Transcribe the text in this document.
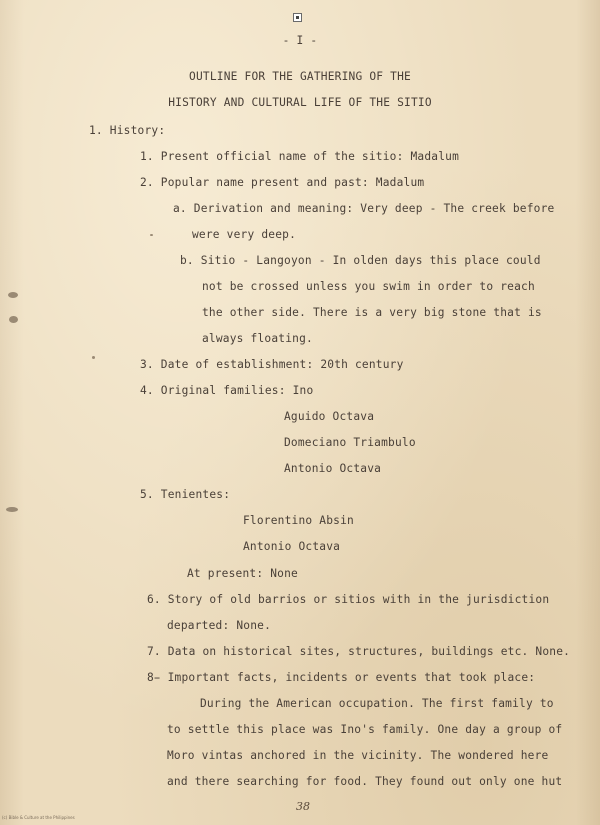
- I -
OUTLINE FOR THE GATHERING OF THE
HISTORY AND CULTURAL LIFE OF THE SITIO
1. History:
1. Present official name of the sitio: Madalum
2. Popular name present and past: Madalum
a. Derivation and meaning: Very deep - The creek before
were very deep.
b. Sitio - Langoyon - In olden days this place could
not be crossed unless you swim in order to reach
the other side. There is a very big stone that is
always floating.
3. Date of establishment: 20th century
4. Original families: Ino
Aguido Octava
Domeciano Triambulo
Antonio Octava
5. Tenientes:
Florentino Absin
Antonio Octava
At present: None
6. Story of old barrios or sitios with in the jurisdiction
departed: None.
7. Data on historical sites, structures, buildings etc. None.
8̵ Important facts, incidents or events that took place:
During the American occupation. The first family to
to settle this place was Ino's family. One day a group of
Moro vintas anchored in the vicinity. The wondered here
and there searching for food. They found out only one hut
38
(c) Bible & Culture at the Philippines
